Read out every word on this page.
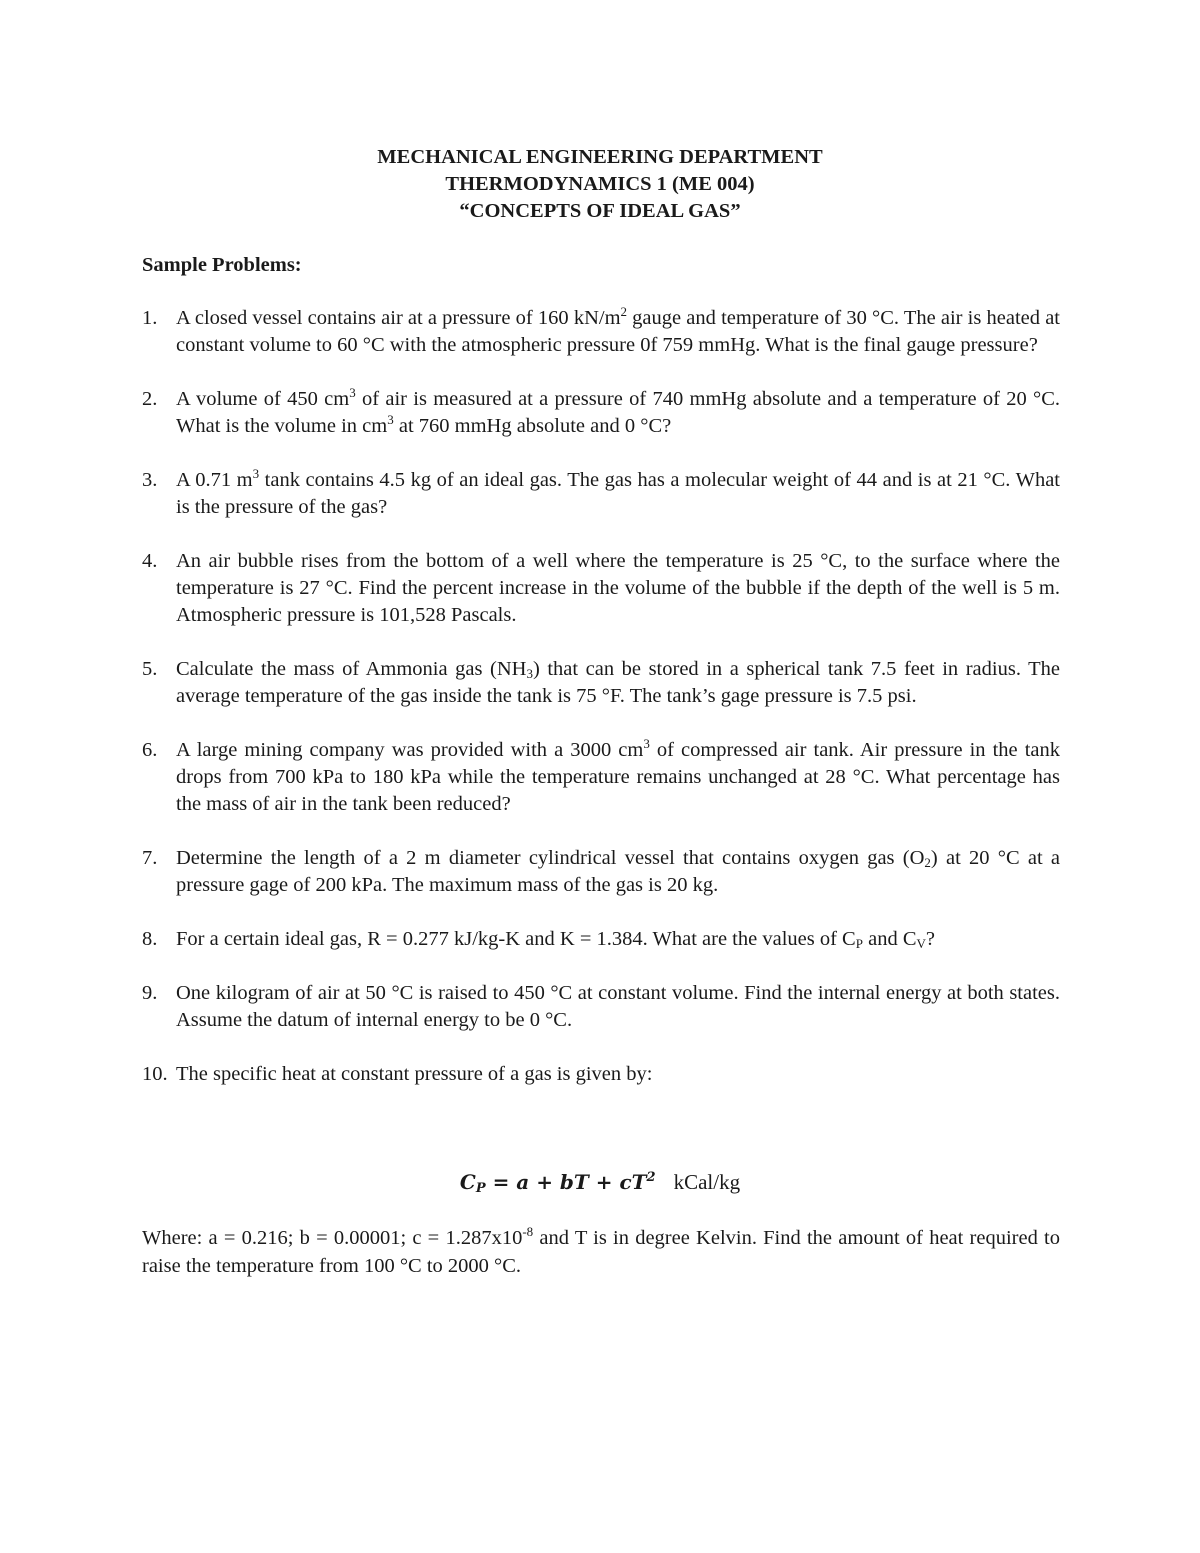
MECHANICAL ENGINEERING DEPARTMENT
THERMODYNAMICS 1 (ME 004)
“CONCEPTS OF IDEAL GAS”
Sample Problems:
1. A closed vessel contains air at a pressure of 160 $kN/m^2$ gauge and temperature of 30 °C. The air is heated at constant volume to 60 °C with the atmospheric pressure 0f 759 mmHg. What is the final gauge pressure?
2. A volume of 450 $cm^3$ of air is measured at a pressure of 740 mmHg absolute and a temperature of 20 °C. What is the volume in $cm^3$ at 760 mmHg absolute and 0 °C?
3. A 0.71 $m^3$ tank contains 4.5 kg of an ideal gas. The gas has a molecular weight of 44 and is at 21 °C. What is the pressure of the gas?
4. An air bubble rises from the bottom of a well where the temperature is 25 °C, to the surface where the temperature is 27 °C. Find the percent increase in the volume of the bubble if the depth of the well is 5 m. Atmospheric pressure is 101,528 Pascals.
5. Calculate the mass of Ammonia gas $(NH_3)$ that can be stored in a spherical tank 7.5 feet in radius. The average temperature of the gas inside the tank is 75 °F. The tank’s gage pressure is 7.5 psi.
6. A large mining company was provided with a 3000 $cm^3$ of compressed air tank. Air pressure in the tank drops from 700 kPa to 180 kPa while the temperature remains unchanged at 28 °C. What percentage has the mass of air in the tank been reduced?
7. Determine the length of a 2 m diameter cylindrical vessel that contains oxygen gas $(O_2)$ at 20 °C at a pressure gage of 200 kPa. The maximum mass of the gas is 20 kg.
8. For a certain ideal gas, R = 0.277 kJ/kg-K and K = 1.384. What are the values of $C_P$ and $C_V$?
9. One kilogram of air at 50 °C is raised to 450 °C at constant volume. Find the internal energy at both states. Assume the datum of internal energy to be 0 °C.
10. The specific heat at constant pressure of a gas is given by:
$C_P = a$ + bT + $cT^2$ kCal/kg
Where: a = 0.216; b = 0.00001; $c = 1.287x10^{-8}$ and T is in degree Kelvin. Find the amount of heat required to raise the temperature from 100 °C to 2000 °C.
